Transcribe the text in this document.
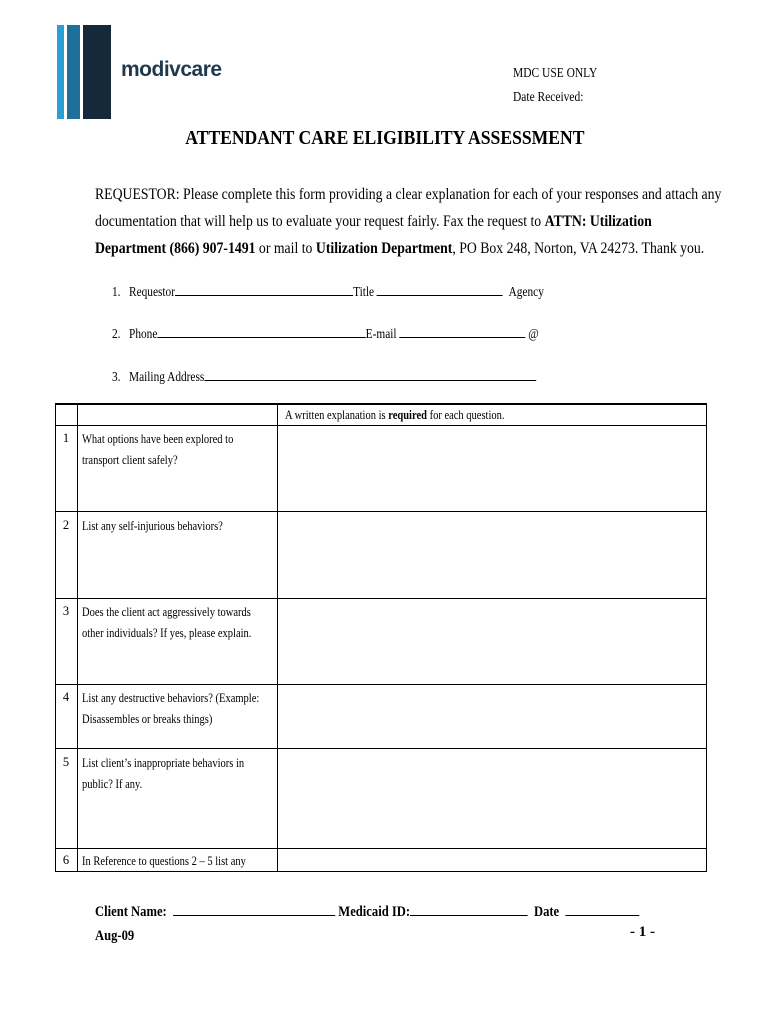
modivcare	MDC USE ONLY
Date Received:
ATTENDANT CARE ELIGIBILITY ASSESSMENT

REQUESTOR: Please complete this form providing a clear explanation for each of your responses and attach any

documentation that will help us to evaluate your request fairly. Fax the request to ATTN: Utilization

Department (866) 907-1491 or mail to Utilization Department, PO Box 248, Norton, VA 24273. Thank you.

1. Requestor	Title	Agency
2. Phone	E-mail	@
3. Mailing Address
A written explanation is required for each question.
1	What options have been explored to
transport client safely?
2	List any self-injurious behaviors?
3	Does the client act aggressively towards
other individuals? If yes, please explain.
4	List any destructive behaviors? (Example:
Disassembles or breaks things)
5	List client’s inappropriate behaviors in
public? If any.
6	In Reference to questions 2 – 5 list any
Client Name:	Medicaid ID:	Date
Aug-09	- 1 -
